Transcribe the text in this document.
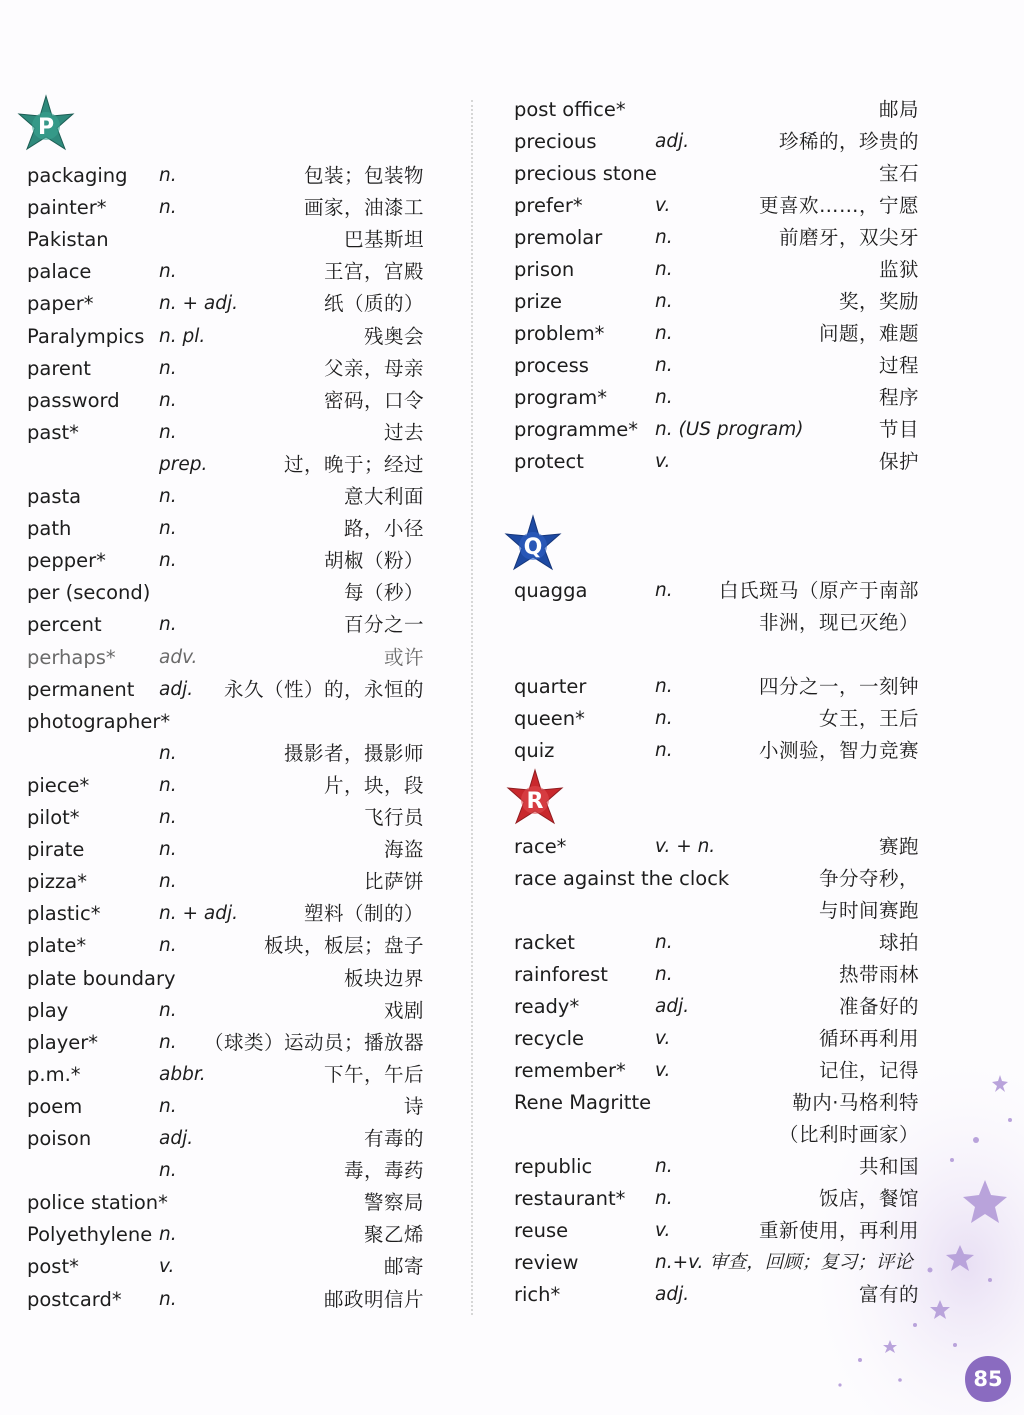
P
packaging n.	包装；包装物
painter*	n.	画家，油漆工
Pakistan	巴基斯坦
palace	n.	王宫，宫殿
paper*	n. + adj.	纸（质的）
Paralympics n. pl.	残奥会
parent	n.	父亲，母亲
password n.	密码，口令
past*	n.	过去
prep.	过，晚于；经过
pasta	n.	意大利面
path	n.	路，小径
pepper*	n.	胡椒（粉）
per (second)	每（秒）
percent	n.	百分之一
perhaps* adv.	或许
permanent adj. 永久（性）的，永恒的
photographer*
n.	摄影者，摄影师
piece*	n.	片，块，段
pilot*	n.	飞行员
pirate	n.	海盗
pizza*	n.	比萨饼
plastic*	n. + adj.	塑料（制的）
plate*	n.	板块，板层；盘子
plate boundary	板块边界
play	n.	戏剧
player*	n. （球类）运动员；播放器
p.m.*	abbr.	下午，午后
poem	n.	诗
poison	adj.	有毒的
n.	毒，毒药
police station*	警察局
Polyethylene n.	聚乙烯
post*	v.	邮寄
postcard* n.	邮政明信片
post office*	邮局
precious	adj.	珍稀的，珍贵的
precious stone	宝石
prefer*	v.	更喜欢……，宁愿
premolar	n.	前磨牙，双尖牙
prison	n.	监狱
prize	n.	奖，奖励
problem*	n.	问题，难题
process	n.	过程
program*	n.	程序
programme* n. (US program)	节目
protect	v.	保护
Q
quagga	n. 白氏斑马（原产于南部
非洲，现已灭绝）
quarter	n.	四分之一，一刻钟
queen*	n.	女王，王后
quiz	n.	小测验，智力竞赛
R
race*	v. + n.	赛跑
race against the clock	争分夺秒，
与时间赛跑
racket	n.	球拍
rainforest	n.	热带雨林
ready*	adj.	准备好的
recycle	v.	循环再利用
remember* v.	记住，记得
Rene Magritte	勒内·马格利特
（比利时画家）
republic	n.	共和国
restaurant* n.	饭店，餐馆
reuse	v.	重新使用，再利用
review	n.+v. 审查，回顾；复习；评论
rich*	adj.	富有的
85
